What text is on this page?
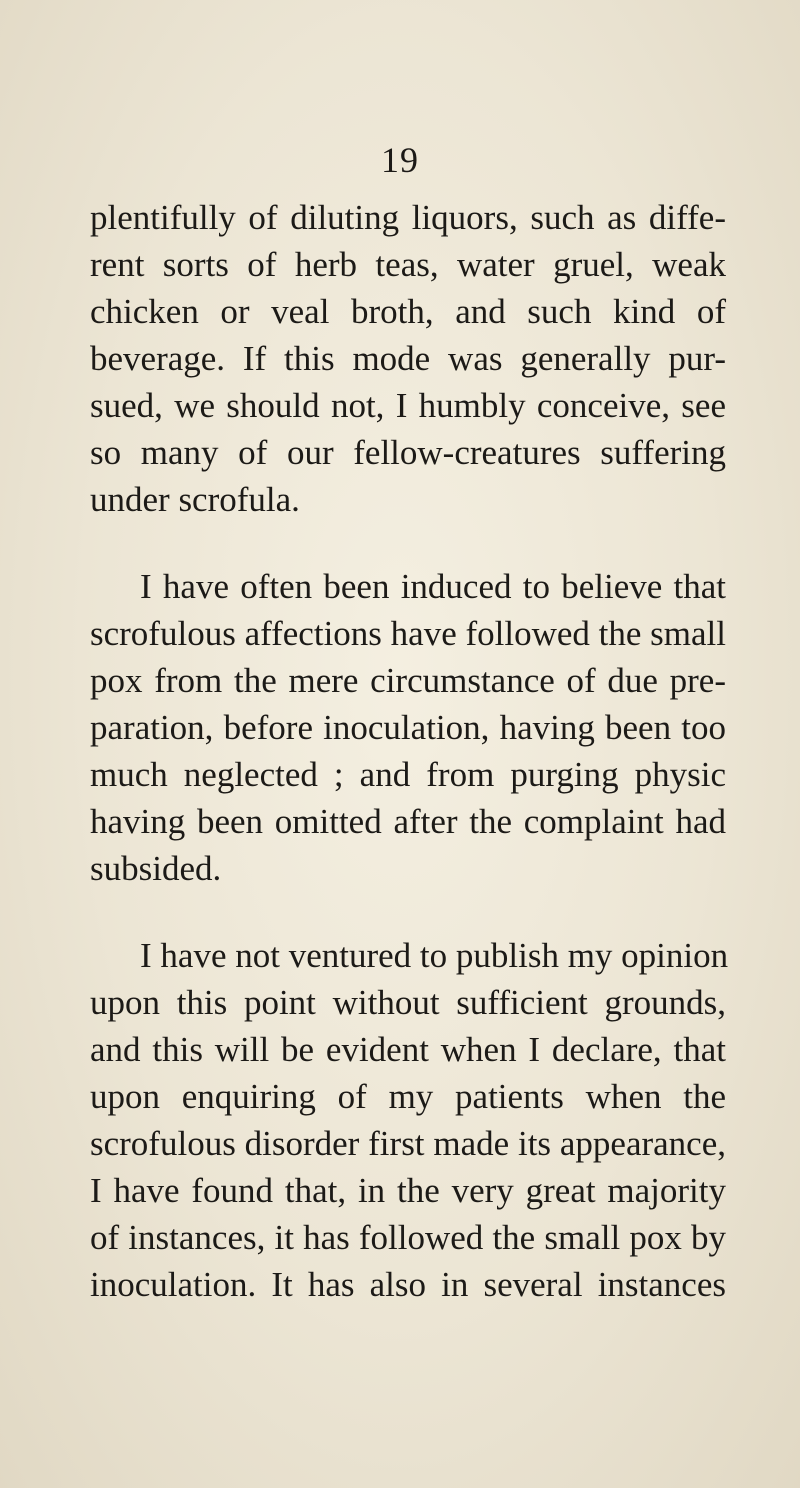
19

plentifully of diluting liquors, such as diffe-
rent sorts of herb teas, water gruel, weak
chicken or veal broth, and such kind of
beverage. If this mode was generally pur-
sued, we should not, I humbly conceive, see
so many of our fellow-creatures suffering
under scrofula.

I have often been induced to believe that
scrofulous affections have followed the small
pox from the mere circumstance of due pre-
paration, before inoculation, having been too
much neglected ; and from purging physic
having been omitted after the complaint had
subsided.

I have not ventured to publish my opinion
upon this point without sufficient grounds,
and this will be evident when I declare, that
upon enquiring of my patients when the
scrofulous disorder first made its appearance,
I have found that, in the very great majority
of instances, it has followed the small pox by
inoculation. It has also in several instances
